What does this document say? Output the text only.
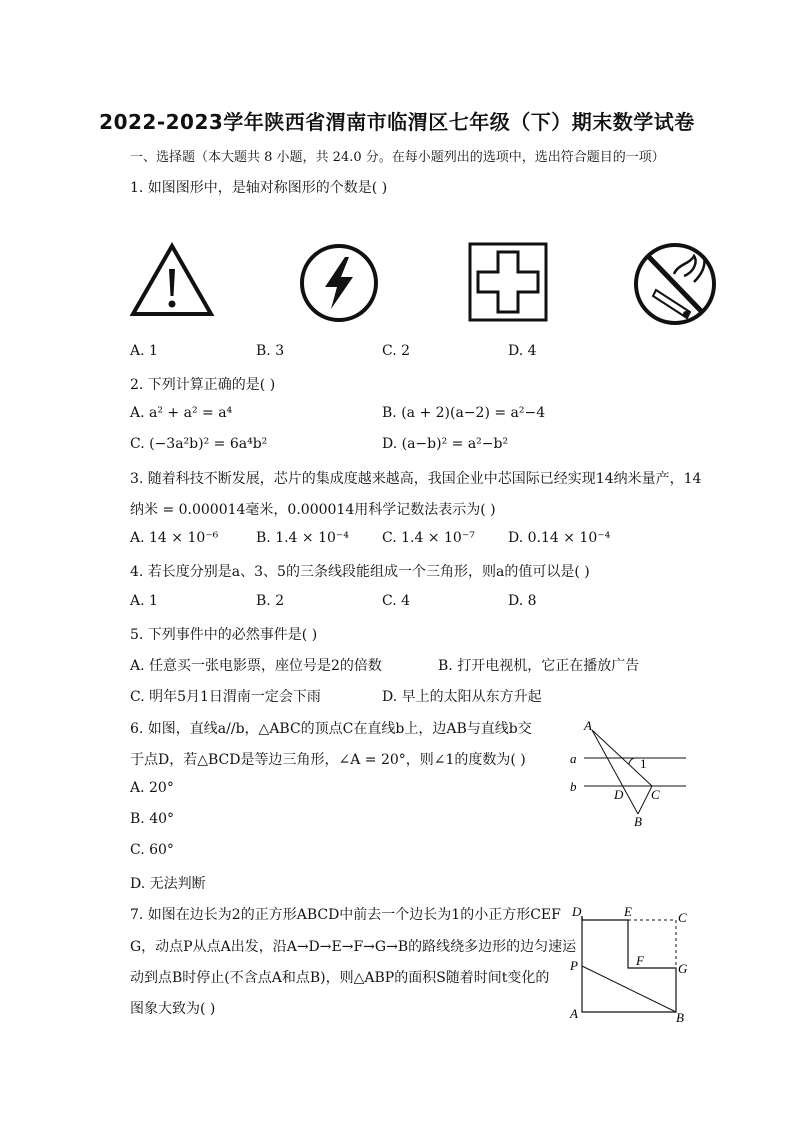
2022-2023学年陕西省渭南市临渭区七年级（下）期末数学试卷
一、选择题（本大题共 8 小题，共 24.0 分。在每小题列出的选项中，选出符合题目的一项）
1. 如图图形中，是轴对称图形的个数是( )
A. 1	B. 3	C. 2	D. 4
2. 下列计算正确的是( )
A. a² + a² = a⁴	B. (a + 2)(a−2) = a²−4
C. (−3a²b)² = 6a⁴b²	D. (a−b)² = a²−b²
3. 随着科技不断发展，芯片的集成度越来越高，我国企业中芯国际已经实现14纳米量产，14
纳米 = 0.000014毫米，0.000014用科学记数法表示为( )
A. 14 × 10⁻⁶	B. 1.4 × 10⁻⁴ C. 1.4 × 10⁻⁷ D. 0.14 × 10⁻⁴
4. 若长度分别是a、3、5的三条线段能组成一个三角形，则a的值可以是( )
A. 1	B. 2	C. 4	D. 8
5. 下列事件中的必然事件是( )
A. 任意买一张电影票，座位号是2的倍数	B. 打开电视机，它正在播放广告
C. 明年5月1日渭南一定会下雨	D. 早上的太阳从东方升起
6. 如图，直线a//b，△ABC的顶点C在直线b上，边AB与直线b交
于点D，若△BCD是等边三角形，∠A = 20°，则∠1的度数为( )
A. 20°
B. 40°
C. 60°
D. 无法判断
A
a	1
b
D C
B
7. 如图在边长为2的正方形ABCD中前去一个边长为1的小正方形CEF
G，动点P从点A出发，沿A→D→E→F→G→B的路线绕多边形的边匀速运
动到点B时停止(不含点A和点B)，则△ABP的面积S随着时间t变化的
图象大致为( )
D	E	C
P	F
G
A	B
